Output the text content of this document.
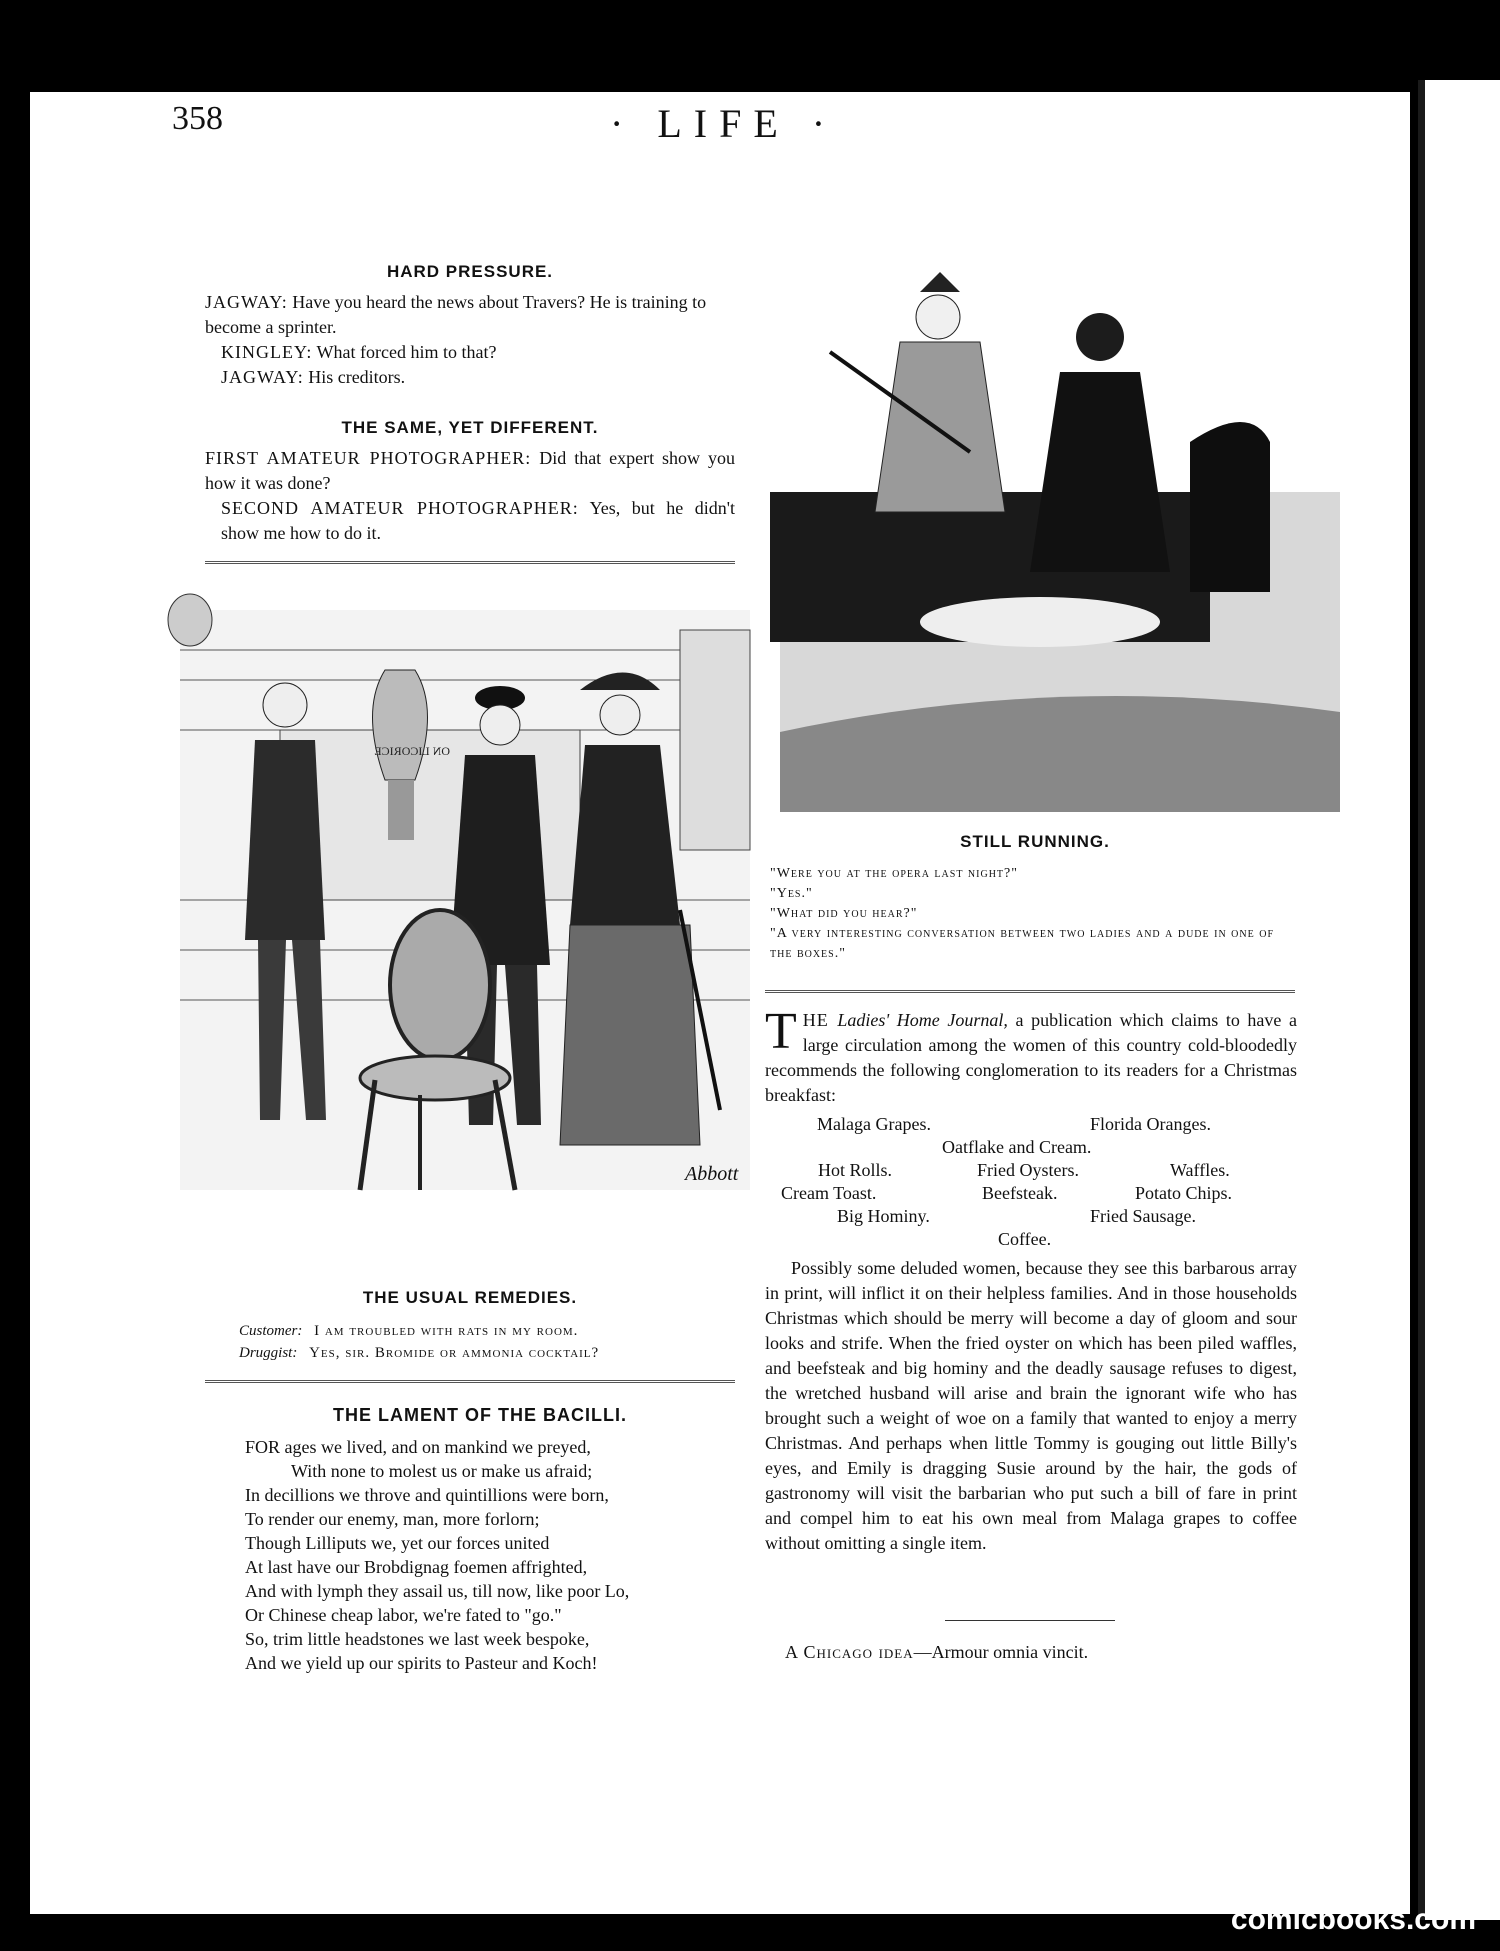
358	· LIFE ·

HARD PRESSURE.

JAGWAY: Have you heard the news about Travers? He is training to become a sprinter.

KINGLEY: What forced him to that?

JAGWAY: His creditors.

THE SAME, YET DIFFERENT.

FIRST AMATEUR PHOTOGRAPHER: Did that expert show you how it was done?

SECOND AMATEUR PHOTOGRAPHER: Yes, but he didn't show me how to do it.

ON LICORICE
Abbott

THE USUAL REMEDIES.

Customer: I am troubled with rats in my room.

Druggist: Yes, sir. Bromide or ammonia cocktail?

THE LAMENT OF THE BACILLI.

FOR ages we lived, and on mankind we preyed,

With none to molest us or make us afraid;

In decillions we throve and quintillions were born,

To render our enemy, man, more forlorn;

Though Lilliputs we, yet our forces united

At last have our Brobdignag foemen affrighted,

And with lymph they assail us, till now, like poor Lo,

Or Chinese cheap labor, we're fated to "go."

So, trim little headstones we last week bespoke,

And we yield up our spirits to Pasteur and Koch!

STILL RUNNING.

"Were you at the opera last night?"

"Yes."

"What did you hear?"

"A very interesting conversation between two ladies and a dude in one of the boxes."

THE Ladies' Home Journal, a publication which claims to have a large circulation among the women of this country cold-bloodedly recommends the following conglomeration to its readers for a Christmas breakfast:

Malaga Grapes.	Florida Oranges.
Oatflake and Cream.
Hot Rolls.	Fried Oysters.	Waffles.
Cream Toast.	Beefsteak.	Potato Chips.
Big Hominy.	Fried Sausage.
Coffee.

Possibly some deluded women, because they see this barbarous array in print, will inflict it on their helpless families. And in those households Christmas which should be merry will become a day of gloom and sour looks and strife. When the fried oyster on which has been piled waffles, and beefsteak and big hominy and the deadly sausage refuses to digest, the wretched husband will arise and brain the ignorant wife who has brought such a weight of woe on a family that wanted to enjoy a merry Christmas. And perhaps when little Tommy is gouging out little Billy's eyes, and Emily is dragging Susie around by the hair, the gods of gastronomy will visit the barbarian who put such a bill of fare in print and compel him to eat his own meal from Malaga grapes to coffee without omitting a single item.

A Chicago idea—Armour omnia vincit.

comicbooks.com
